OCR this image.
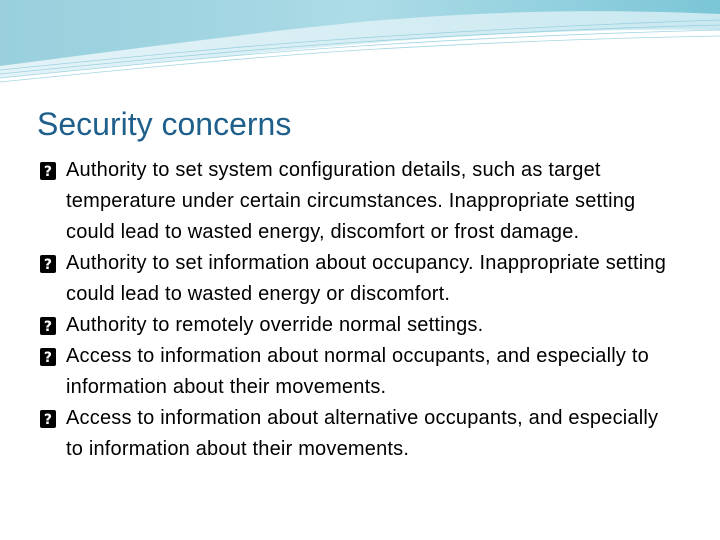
Security concerns
? Authority to set system configuration details, such as target temperature under certain circumstances. Inappropriate setting could lead to wasted energy, discomfort or frost damage.
? Authority to set information about occupancy. Inappropriate setting could lead to wasted energy or discomfort.
? Authority to remotely override normal settings.
? Access to information about normal occupants, and especially to information about their movements.
? Access to information about alternative occupants, and especially to information about their movements.
